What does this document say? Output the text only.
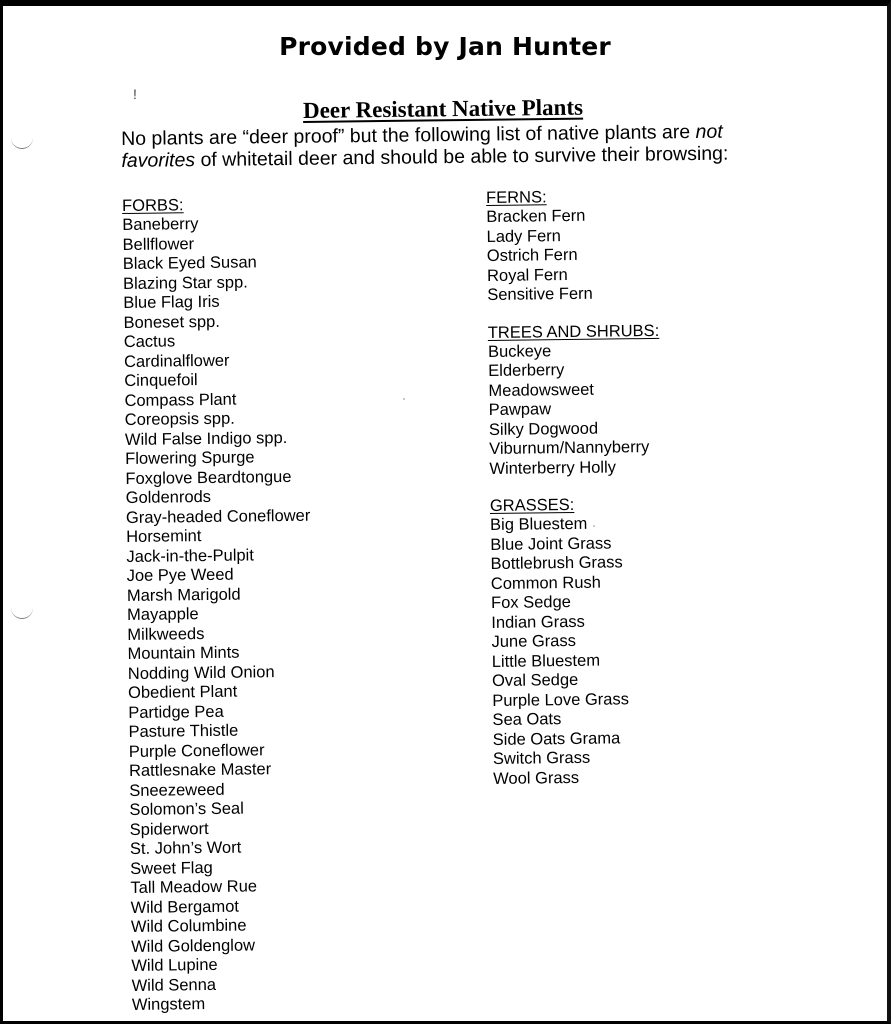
Provided by Jan Hunter
!
Deer Resistant Native Plants
No plants are “deer proof” but the following list of native plants are not favorites of whitetail deer and should be able to survive their browsing:
FORBS:
Baneberry
Bellflower
Black Eyed Susan
Blazing Star spp.
Blue Flag Iris
Boneset spp.
Cactus
Cardinalflower
Cinquefoil
Compass Plant
Coreopsis spp.
Wild False Indigo spp.
Flowering Spurge
Foxglove Beardtongue
Goldenrods
Gray-headed Coneflower
Horsemint
Jack-in-the-Pulpit
Joe Pye Weed
Marsh Marigold
Mayapple
Milkweeds
Mountain Mints
Nodding Wild Onion
Obedient Plant
Partidge Pea
Pasture Thistle
Purple Coneflower
Rattlesnake Master
Sneezeweed
Solomon’s Seal
Spiderwort
St. John’s Wort
Sweet Flag
Tall Meadow Rue
Wild Bergamot
Wild Columbine
Wild Goldenglow
Wild Lupine
Wild Senna
Wingstem
FERNS:
Bracken Fern
Lady Fern
Ostrich Fern
Royal Fern
Sensitive Fern
TREES AND SHRUBS:
Buckeye
Elderberry
Meadowsweet
Pawpaw
Silky Dogwood
Viburnum/Nannyberry
Winterberry Holly
GRASSES:
Big Bluestem
Blue Joint Grass
Bottlebrush Grass
Common Rush
Fox Sedge
Indian Grass
June Grass
Little Bluestem
Oval Sedge
Purple Love Grass
Sea Oats
Side Oats Grama
Switch Grass
Wool Grass
